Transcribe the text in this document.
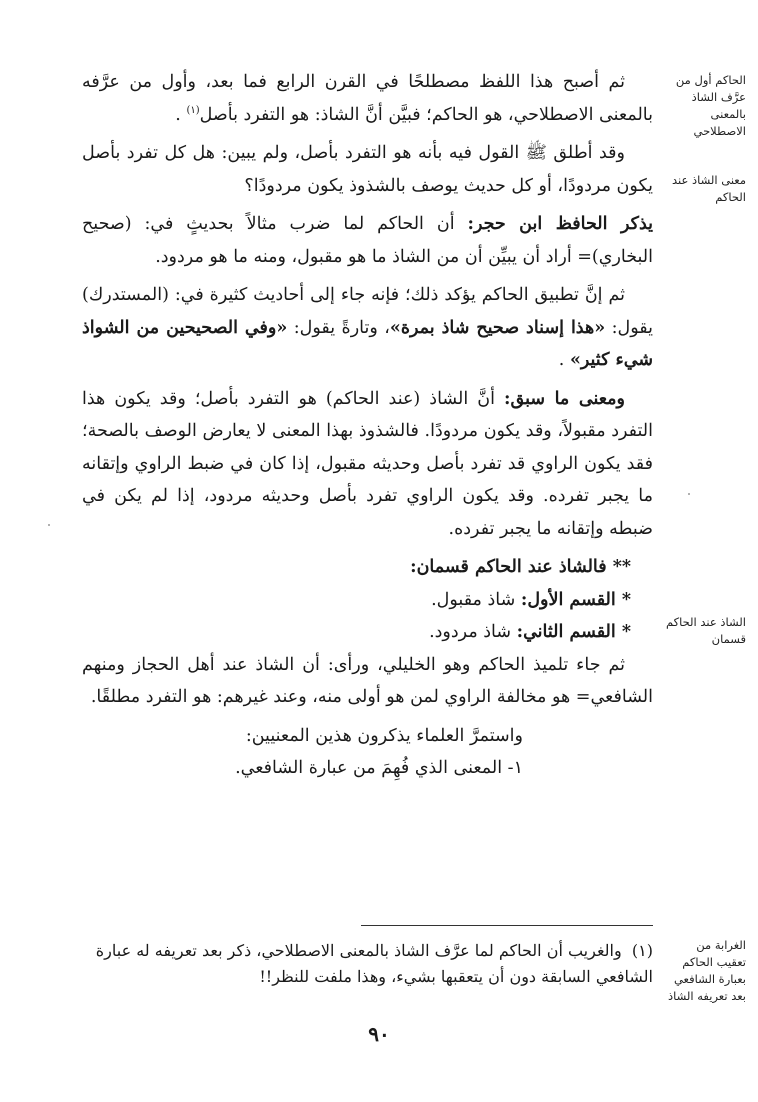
ثم أصبح هذا اللفظ مصطلحًا في القرن الرابع فما بعد، وأول من عرَّفه بالمعنى الاصطلاحي، هو الحاكم؛ فبيَّن أنَّ الشاذ: هو التفرد بأصل$^{(١)}$ .

وقد أطلق ﷺ القول فيه بأنه هو التفرد بأصل، ولم يبين: هل كل تفرد بأصل يكون مردودًا، أو كل حديث يوصف بالشذوذ يكون مردودًا؟

يذكر الحافظ ابن حجر: أن الحاكم لما ضرب مثالاً بحديثٍ في: (صحيح البخاري)= أراد أن يبيِّن أن من الشاذ ما هو مقبول، ومنه ما هو مردود.

ثم إنَّ تطبيق الحاكم يؤكد ذلك؛ فإنه جاء إلى أحاديث كثيرة في: (المستدرك) يقول: «هذا إسناد صحيح شاذ بمرة»، وتارةً يقول: «وفي الصحيحين من الشواذ شيء كثير» .

ومعنى ما سبق: أنَّ الشاذ (عند الحاكم) هو التفرد بأصل؛ وقد يكون هذا التفرد مقبولاً، وقد يكون مردودًا. فالشذوذ بهذا المعنى لا يعارض الوصف بالصحة؛ فقد يكون الراوي قد تفرد بأصل وحديثه مقبول، إذا كان في ضبط الراوي وإتقانه ما يجبر تفرده. وقد يكون الراوي تفرد بأصل وحديثه مردود، إذا لم يكن في ضبطه وإتقانه ما يجبر تفرده.

** فالشاذ عند الحاكم قسمان:

* القسم الأول: شاذ مقبول.

* القسم الثاني: شاذ مردود.

ثم جاء تلميذ الحاكم وهو الخليلي، ورأى: أن الشاذ عند أهل الحجاز ومنهم الشافعي= هو مخالفة الراوي لمن هو أولى منه، وعند غيرهم: هو التفرد مطلقًا.

واستمرَّ العلماء يذكرون هذين المعنيين:

١- المعنى الذي فُهِمَ من عبارة الشافعي.

الحاكم أول من عرَّف الشاذ بالمعنى الاصطلاحي
معنى الشاذ عند الحاكم
الشاذ عند الحاكم قسمان
الغرابة من تعقيب الحاكم بعبارة الشافعي بعد تعريفه الشاذ
(١)  والغريب أن الحاكم لما عرَّف الشاذ بالمعنى الاصطلاحي، ذكر بعد تعريفه له عبارة الشافعي السابقة دون أن يتعقبها بشيء، وهذا ملفت للنظر!!
٩٠
